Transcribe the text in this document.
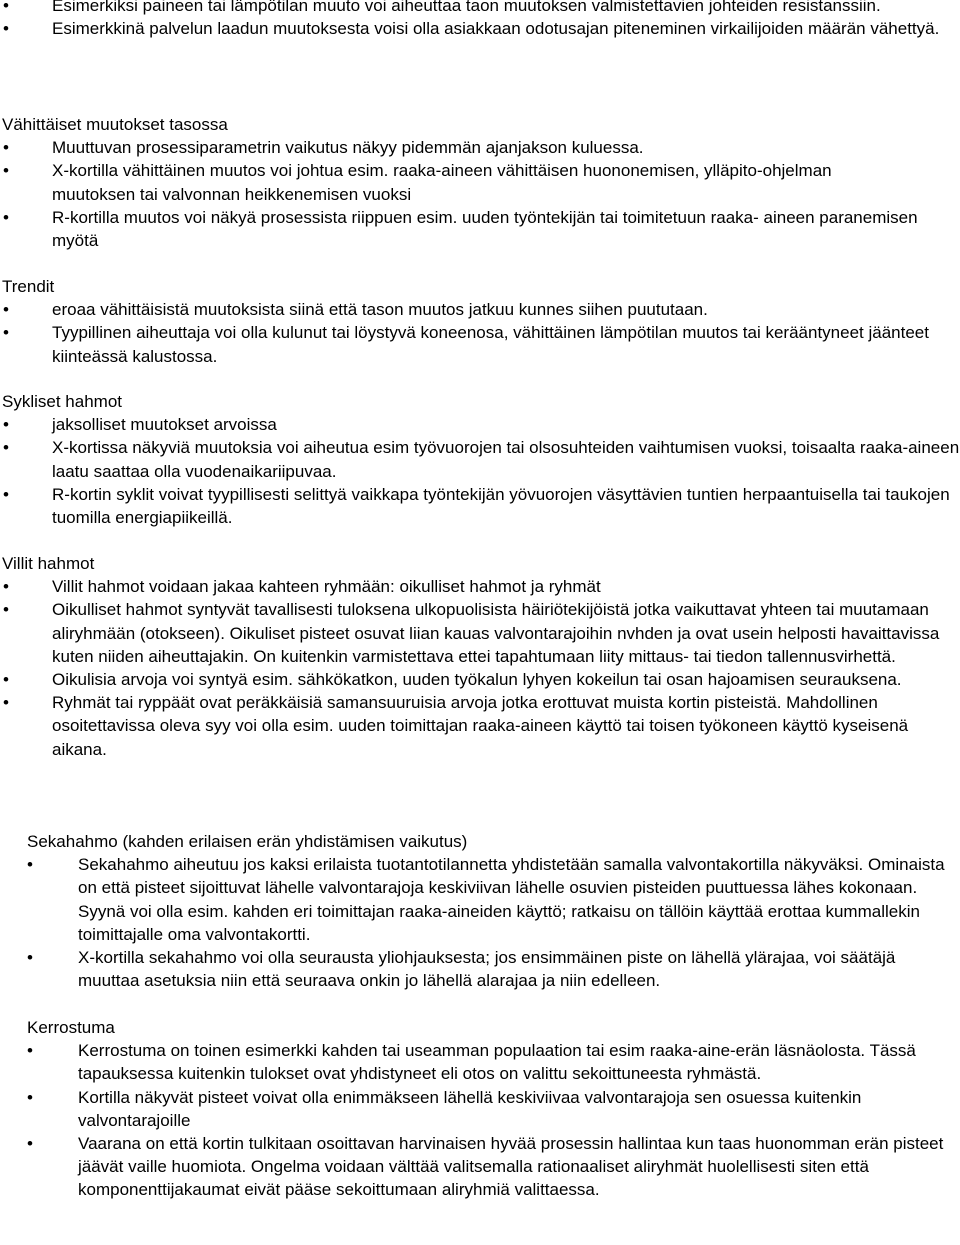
•	Esimerkiksi paineen tai lämpötilan muuto voi aiheuttaa taon muutoksen valmistettavien johteiden resistanssiin.
•	Esimerkkinä palvelun laadun muutoksesta voisi olla asiakkaan odotusajan piteneminen virkailijoiden määrän vähettyä.
Vähittäiset muutokset tasossa
•	Muuttuvan prosessiparametrin vaikutus näkyy pidemmän ajanjakson kuluessa.
•	X-kortilla vähittäinen muutos voi johtua esim. raaka-aineen vähittäisen huononemisen, ylläpito-ohjelman muutoksen tai valvonnan heikkenemisen vuoksi
•	R-kortilla muutos voi näkyä prosessista riippuen esim. uuden työntekijän tai toimitetuun raaka- aineen paranemisen myötä
Trendit
•	eroaa vähittäisistä muutoksista siinä että tason muutos jatkuu kunnes siihen puututaan.
•	Tyypillinen aiheuttaja voi olla kulunut tai löystyvä koneenosa, vähittäinen lämpötilan muutos tai kerääntyneet jäänteet kiinteässä kalustossa.
Sykliset hahmot
•	jaksolliset muutokset arvoissa
•	X-kortissa näkyviä muutoksia voi aiheutua esim työvuorojen tai olsosuhteiden vaihtumisen vuoksi, toisaalta raaka-aineen laatu saattaa olla vuodenaikariipuvaa.
•	R-kortin syklit voivat tyypillisesti selittyä vaikkapa työntekijän yövuorojen väsyttävien tuntien herpaantuisella tai taukojen tuomilla energiapiikeillä.
Villit hahmot
•	Villit hahmot voidaan jakaa kahteen ryhmään: oikulliset hahmot ja ryhmät
•	Oikulliset hahmot syntyvät tavallisesti tuloksena ulkopuolisista häiriötekijöistä jotka vaikuttavat yhteen tai muutamaan aliryhmään (otokseen). Oikuliset pisteet osuvat liian kauas valvontarajoihin nvhden ja ovat usein helposti havaittavissa kuten niiden aiheuttajakin. On kuitenkin varmistettava ettei tapahtumaan liity mittaus- tai tiedon tallennusvirhettä.
•	Oikulisia arvoja voi syntyä esim. sähkökatkon, uuden työkalun lyhyen kokeilun tai osan hajoamisen seurauksena.
•	Ryhmät tai ryppäät ovat peräkkäisiä samansuuruisia arvoja jotka erottuvat muista kortin pisteistä. Mahdollinen osoitettavissa oleva syy voi olla esim. uuden toimittajan raaka-aineen käyttö tai toisen työkoneen käyttö kyseisenä aikana.
Sekahahmo (kahden erilaisen erän yhdistämisen vaikutus)
•	Sekahahmo aiheutuu jos kaksi erilaista tuotantotilannetta yhdistetään samalla valvontakortilla näkyväksi. Ominaista on että pisteet sijoittuvat lähelle valvontarajoja keskiviivan lähelle osuvien pisteiden puuttuessa lähes kokonaan. Syynä voi olla esim. kahden eri toimittajan raaka-aineiden käyttö; ratkaisu on tällöin käyttää erottaa kummallekin toimittajalle oma valvontakortti.
•	X-kortilla sekahahmo voi olla seurausta yliohjauksesta; jos ensimmäinen piste on lähellä ylärajaa, voi säätäjä muuttaa asetuksia niin että seuraava onkin jo lähellä alarajaa ja niin edelleen.
Kerrostuma
•	Kerrostuma on toinen esimerkki kahden tai useamman populaation tai esim raaka-aine-erän läsnäolosta. Tässä tapauksessa kuitenkin tulokset ovat yhdistyneet eli otos on valittu sekoittuneesta ryhmästä.
•	Kortilla näkyvät pisteet voivat olla enimmäkseen lähellä keskiviivaa valvontarajoja sen osuessa kuitenkin valvontarajoille
•	Vaarana on että kortin tulkitaan osoittavan harvinaisen hyvää prosessin hallintaa kun taas huonomman erän pisteet jäävät vaille huomiota. Ongelma voidaan välttää valitsemalla rationaaliset aliryhmät huolellisesti siten että komponenttijakaumat eivät pääse sekoittumaan aliryhmiä valittaessa.
